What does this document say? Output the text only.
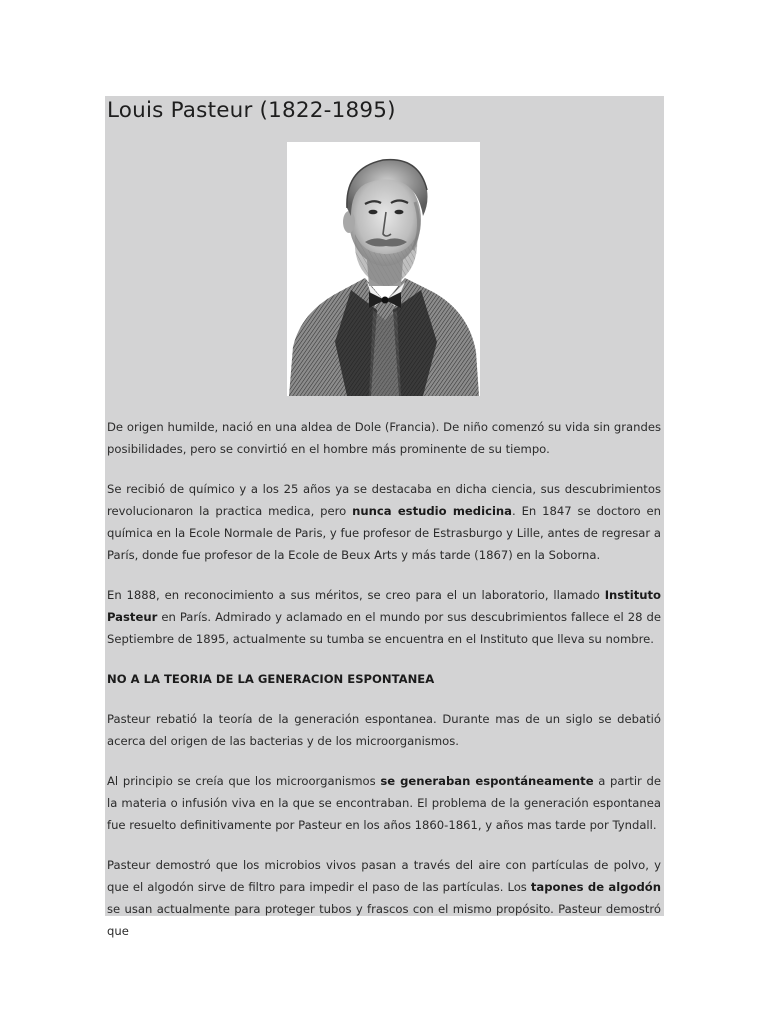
Louis Pasteur (1822-1895)

De origen humilde, nació en una aldea de Dole (Francia). De niño comenzó su vida sin grandes posibilidades, pero se convirtió en el hombre más prominente de su tiempo.

Se recibió de químico y a los 25 años ya se destacaba en dicha ciencia, sus descubrimientos revolucionaron la practica medica, pero nunca estudio medicina. En 1847 se doctoro en química en la Ecole Normale de Paris, y fue profesor de Estrasburgo y Lille, antes de regresar a París, donde fue profesor de la Ecole de Beux Arts y más tarde (1867) en la Soborna.

En 1888, en reconocimiento a sus méritos, se creo para el un laboratorio, llamado Instituto Pasteur en París. Admirado y aclamado en el mundo por sus descubrimientos fallece el 28 de Septiembre de 1895, actualmente su tumba se encuentra en el Instituto que lleva su nombre.

NO A LA TEORIA DE LA GENERACION ESPONTANEA

Pasteur rebatió la teoría de la generación espontanea. Durante mas de un siglo se debatió acerca del origen de las bacterias y de los microorganismos.

Al principio se creía que los microorganismos se generaban espontáneamente a partir de la materia o infusión viva en la que se encontraban. El problema de la generación espontanea fue resuelto definitivamente por Pasteur en los años 1860-1861, y años mas tarde por Tyndall.

Pasteur demostró que los microbios vivos pasan a través del aire con partículas de polvo, y que el algodón sirve de filtro para impedir el paso de las partículas. Los tapones de algodón se usan actualmente para proteger tubos y frascos con el mismo propósito. Pasteur demostró que
